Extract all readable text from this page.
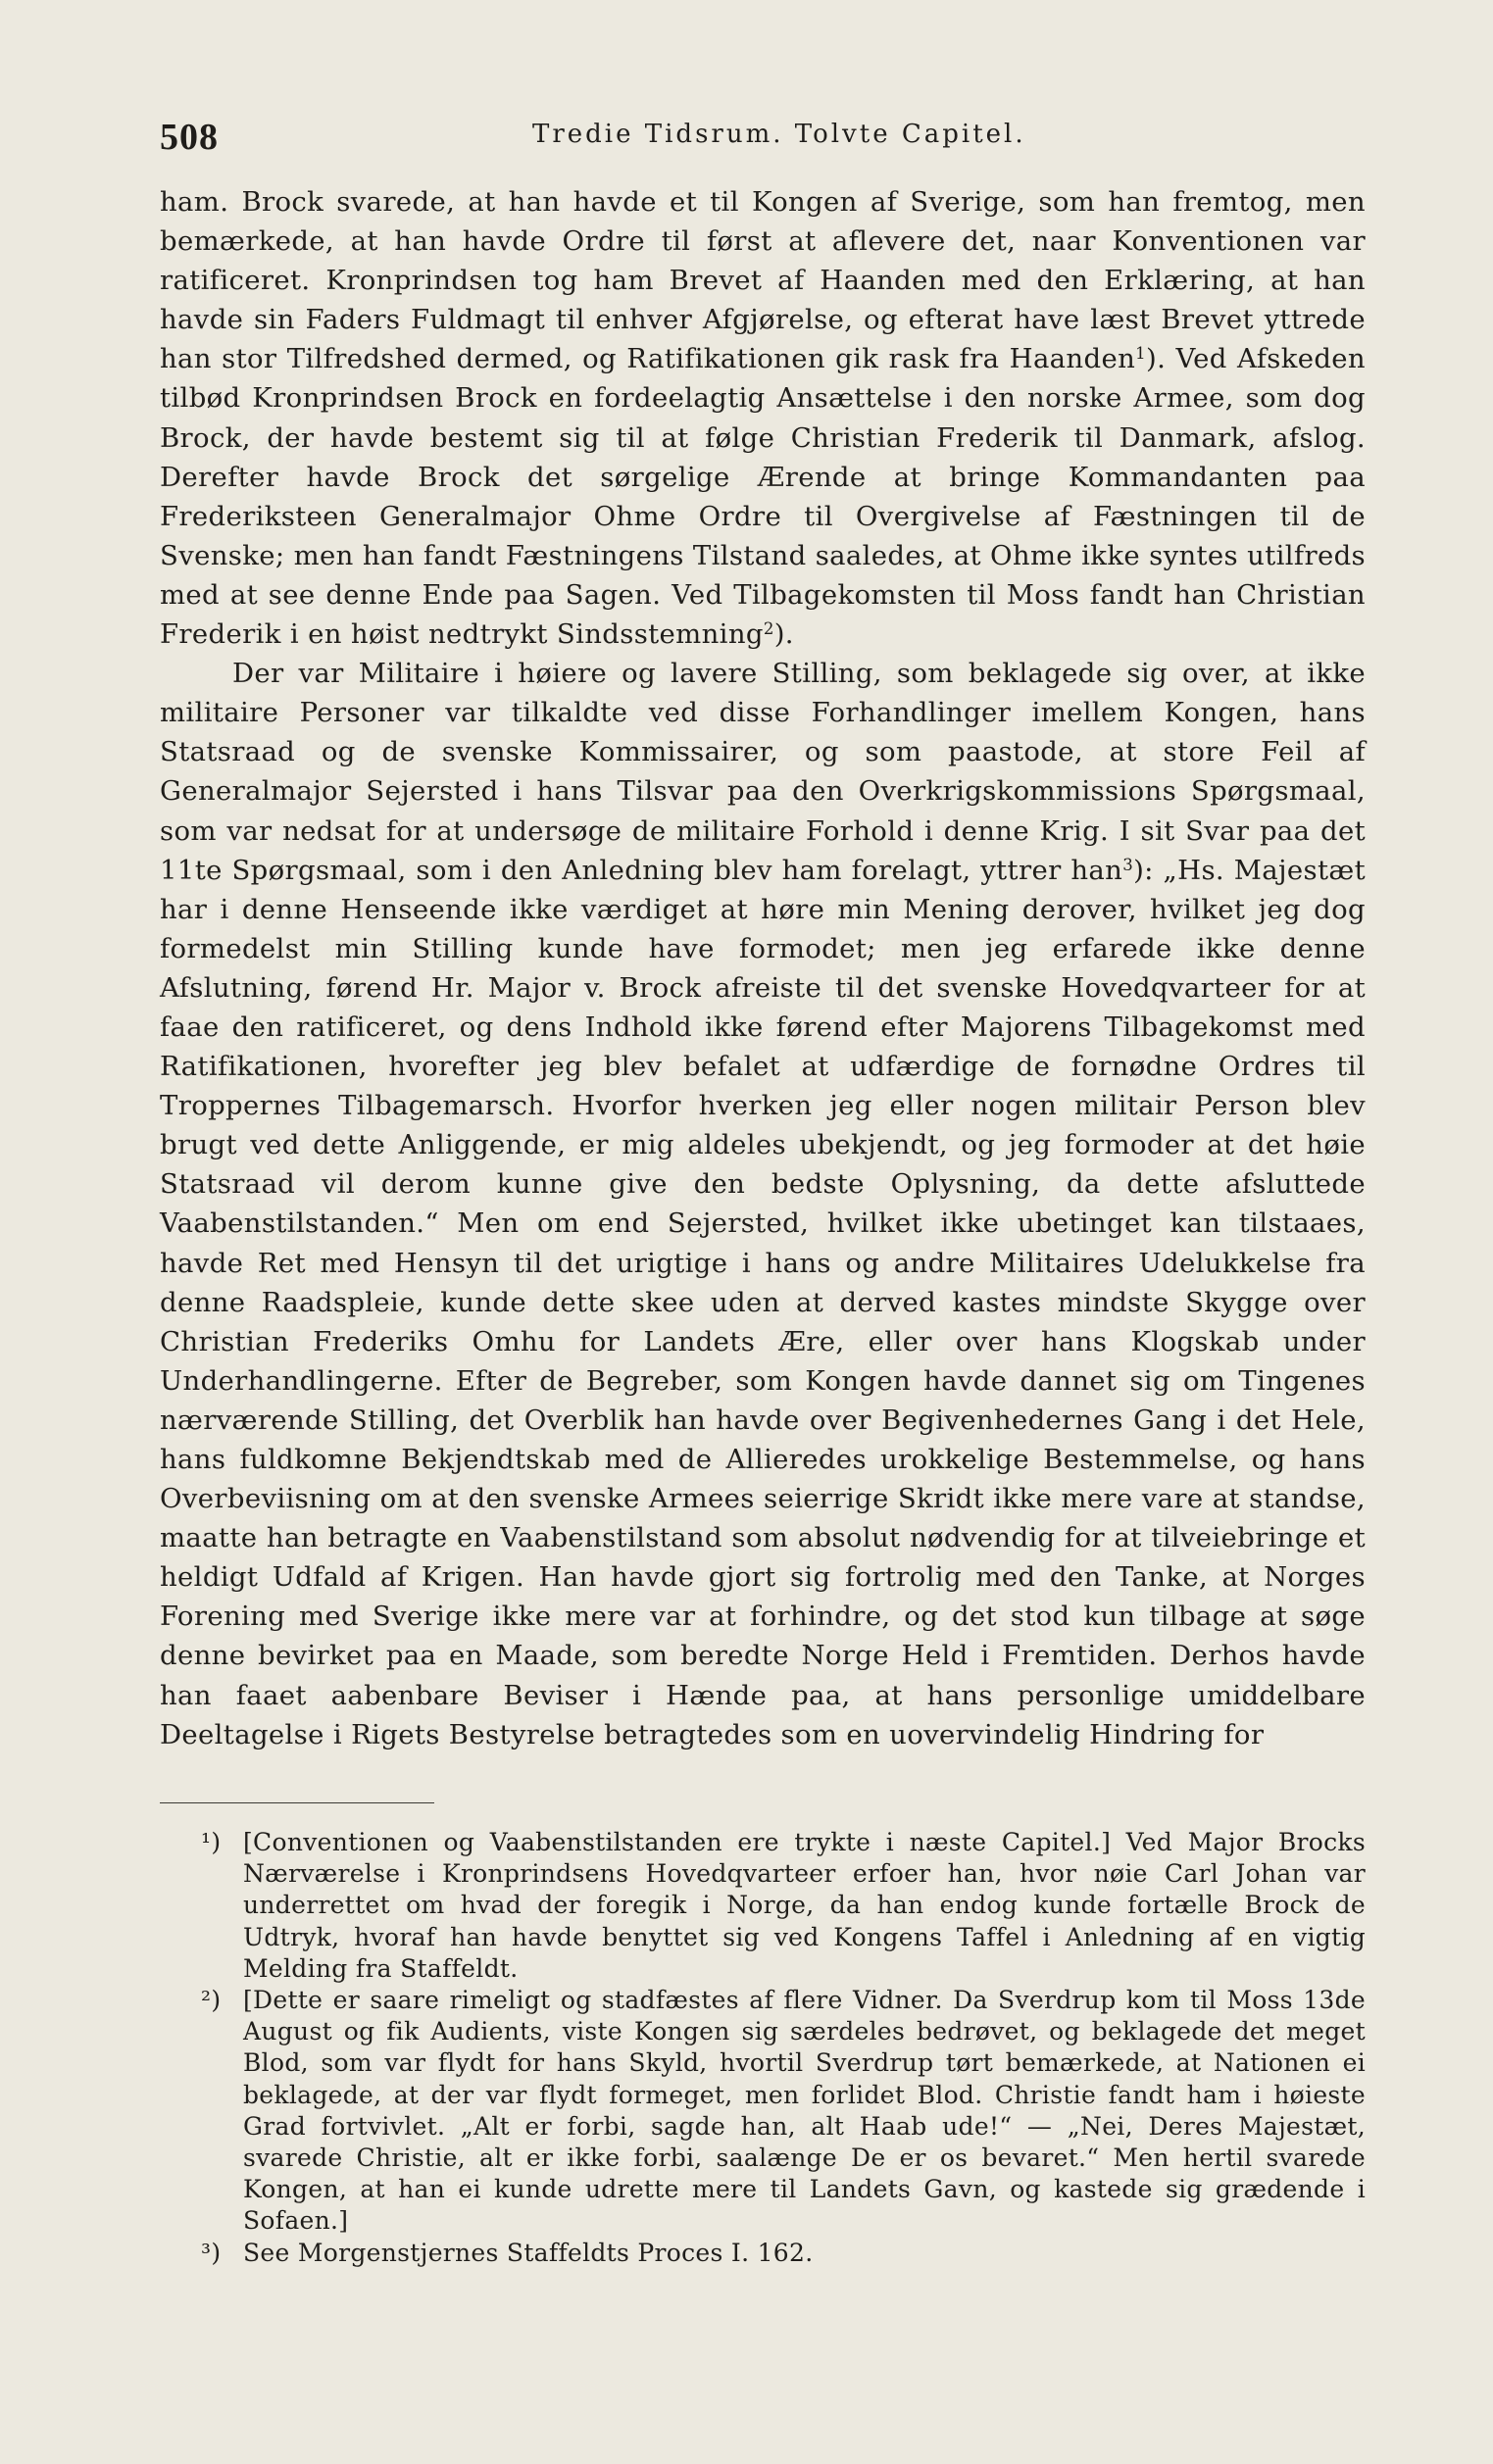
508	Tredie Tidsrum. Tolvte Capitel.

ham. Brock svarede, at han havde et til Kongen af Sverige, som han fremtog, men bemærkede, at han havde Ordre til først at aflevere det, naar Konventionen var ratificeret. Kronprindsen tog ham Brevet af Haanden med den Erklæring, at han havde sin Faders Fuldmagt til enhver Afgjørelse, og efterat have læst Brevet yttrede han stor Tilfredshed dermed, og Ratifikationen gik rask fra Haanden$^1$). Ved Afskeden tilbød Kronprindsen Brock en fordeelagtig Ansættelse i den norske Armee, som dog Brock, der havde bestemt sig til at følge Christian Frederik til Danmark, afslog. Derefter havde Brock det sørgelige Ærende at bringe Kommandanten paa Frederiksteen Generalmajor Ohme Ordre til Overgivelse af Fæstningen til de Svenske; men han fandt Fæstningens Tilstand saaledes, at Ohme ikke syntes utilfreds med at see denne Ende paa Sagen. Ved Tilbagekomsten til Moss fandt han Christian Frederik i en høist nedtrykt Sindsstemning$^2$).

Der var Militaire i høiere og lavere Stilling, som beklagede sig over, at ikke militaire Personer var tilkaldte ved disse Forhandlinger imellem Kongen, hans Statsraad og de svenske Kommissairer, og som paastode, at store Feil af Generalmajor Sejersted i hans Tilsvar paa den Overkrigskommissions Spørgsmaal, som var nedsat for at undersøge de militaire Forhold i denne Krig. I sit Svar paa det 11te Spørgsmaal, som i den Anledning blev ham forelagt, yttrer han$^3$): „Hs. Majestæt har i denne Henseende ikke værdiget at høre min Mening derover, hvilket jeg dog formedelst min Stilling kunde have formodet; men jeg erfarede ikke denne Afslutning, førend Hr. Major v. Brock afreiste til det svenske Hovedqvarteer for at faae den ratificeret, og dens Indhold ikke førend efter Majorens Tilbagekomst med Ratifikationen, hvorefter jeg blev befalet at udfærdige de fornødne Ordres til Troppernes Tilbagemarsch. Hvorfor hverken jeg eller nogen militair Person blev brugt ved dette Anliggende, er mig aldeles ubekjendt, og jeg formoder at det høie Statsraad vil derom kunne give den bedste Oplysning, da dette afsluttede Vaabenstilstanden.“ Men om end Sejersted, hvilket ikke ubetinget kan tilstaaes, havde Ret med Hensyn til det urigtige i hans og andre Militaires Udelukkelse fra denne Raadspleie, kunde dette skee uden at derved kastes mindste Skygge over Christian Frederiks Omhu for Landets Ære, eller over hans Klogskab under Underhandlingerne. Efter de Begreber, som Kongen havde dannet sig om Tingenes nærværende Stilling, det Overblik han havde over Begivenhedernes Gang i det Hele, hans fuldkomne Bekjendtskab med de Allieredes urokkelige Bestemmelse, og hans Overbeviisning om at den svenske Armees seierrige Skridt ikke mere vare at standse, maatte han betragte en Vaabenstilstand som absolut nødvendig for at tilveiebringe et heldigt Udfald af Krigen. Han havde gjort sig fortrolig med den Tanke, at Norges Forening med Sverige ikke mere var at forhindre, og det stod kun tilbage at søge denne bevirket paa en Maade, som beredte Norge Held i Fremtiden. Derhos havde han faaet aabenbare Beviser i Hænde paa, at hans personlige umiddelbare Deeltagelse i Rigets Bestyrelse betragtedes som en uovervindelig Hindring for

¹) [Conventionen og Vaabenstilstanden ere trykte i næste Capitel.] Ved Major Brocks Nærværelse i Kronprindsens Hovedqvarteer erfoer han, hvor nøie Carl Johan var underrettet om hvad der foregik i Norge, da han endog kunde fortælle Brock de Udtryk, hvoraf han havde benyttet sig ved Kongens Taffel i Anledning af en vigtig Melding fra Staffeldt.
²) [Dette er saare rimeligt og stadfæstes af flere Vidner. Da Sverdrup kom til Moss 13de August og fik Audients, viste Kongen sig særdeles bedrøvet, og beklagede det meget Blod, som var flydt for hans Skyld, hvortil Sverdrup tørt bemærkede, at Nationen ei beklagede, at der var flydt formeget, men forlidet Blod. Christie fandt ham i høieste Grad fortvivlet. „Alt er forbi, sagde han, alt Haab ude!“ — „Nei, Deres Majestæt, svarede Christie, alt er ikke forbi, saalænge De er os bevaret.“ Men hertil svarede Kongen, at han ei kunde udrette mere til Landets Gavn, og kastede sig grædende i Sofaen.]
³) See Morgenstjernes Staffeldts Proces I. 162.
